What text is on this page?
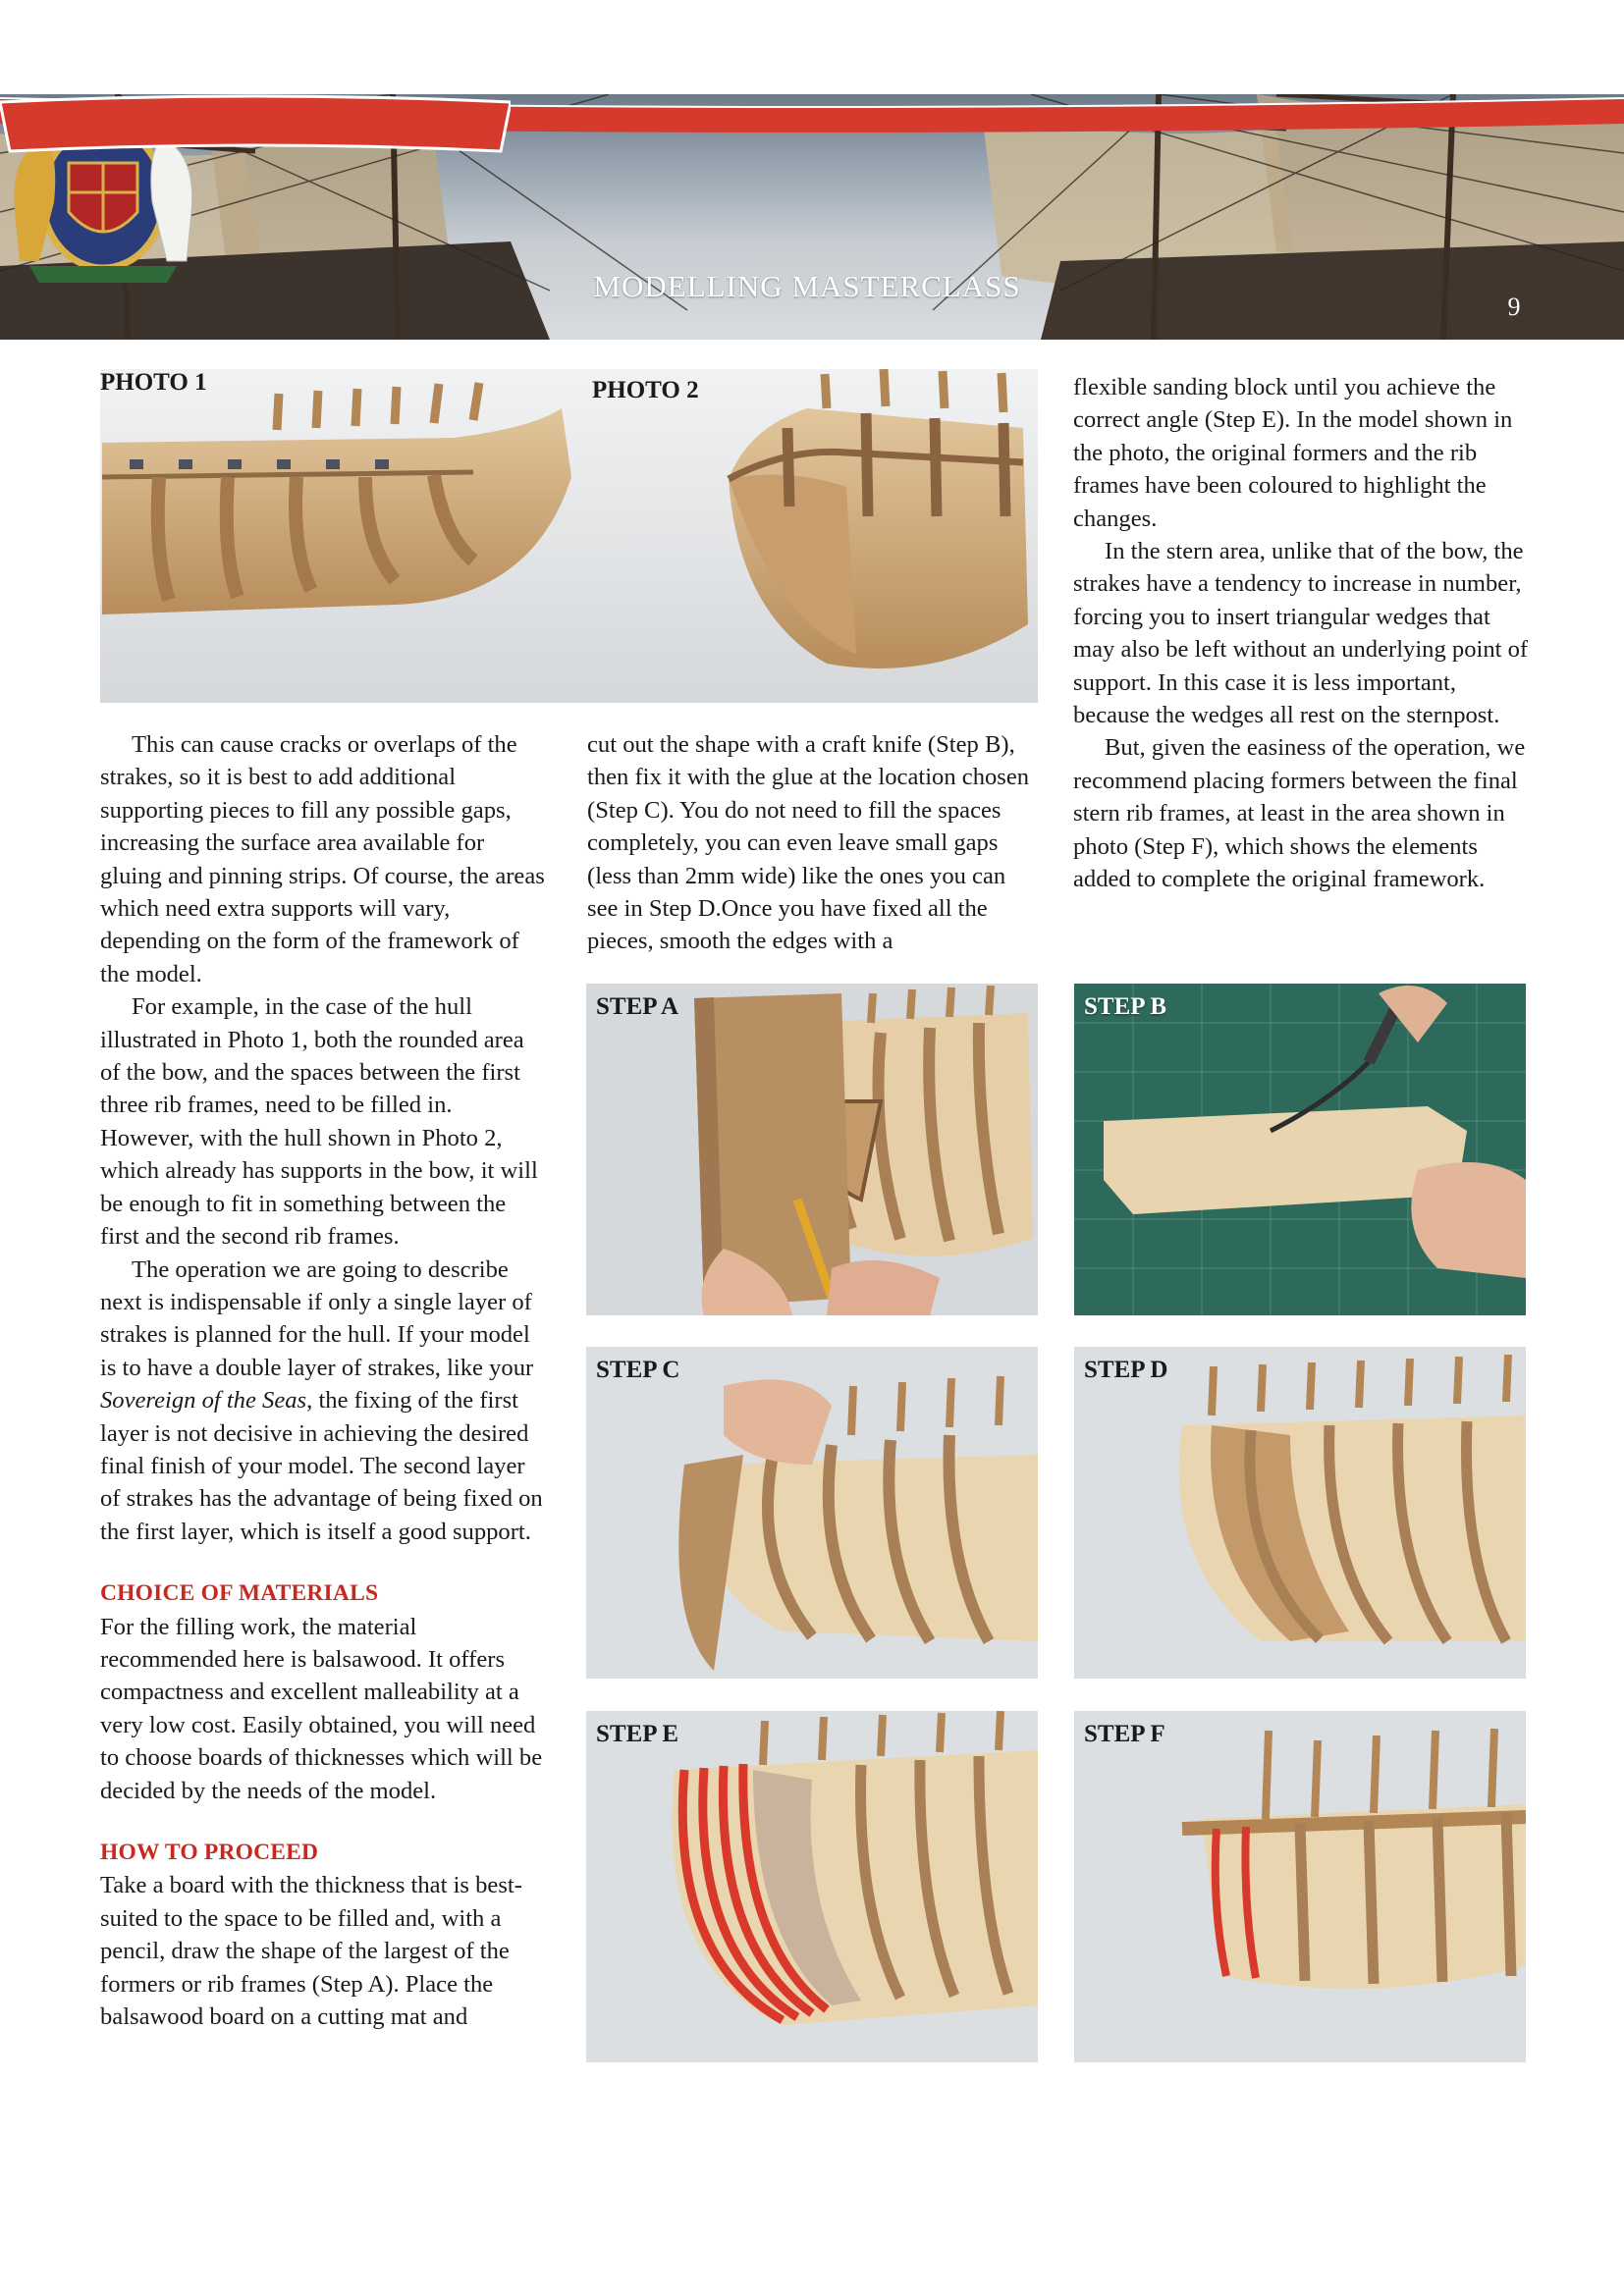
MODELLING MASTERCLASS
9
PHOTO 1	PHOTO 2	flexible sanding block until you achieve the correct angle (Step E). In the model shown in the photo, the original formers and the rib frames have been coloured to highlight the changes.

In the stern area, unlike that of the bow, the strakes have a tendency to increase in number, forcing you to insert triangular wedges that may also be left without an underlying point of support. In this case it is less important, because the wedges all rest on the sternpost.

But, given the easiness of the operation, we recommend placing formers between the final stern rib frames, at least in the area shown in photo (Step F), which shows the elements added to complete the original framework.

This can cause cracks or overlaps of the strakes, so it is best to add additional supporting pieces to fill any possible gaps, increasing the surface area available for gluing and pinning strips. Of course, the areas which need extra supports will vary, depending on the form of the framework of the model.

For example, in the case of the hull illustrated in Photo 1, both the rounded area of the bow, and the spaces between the first three rib frames, need to be filled in. However, with the hull shown in Photo 2, which already has supports in the bow, it will be enough to fit in something between the first and the second rib frames.

The operation we are going to describe next is indispensable if only a single layer of strakes is planned for the hull. If your model is to have a double layer of strakes, like your Sovereign of the Seas, the fixing of the first layer is not decisive in achieving the desired final finish of your model. The second layer of strakes has the advantage of being fixed on the first layer, which is itself a good support.

CHOICE OF MATERIALS

For the filling work, the material recommended here is balsawood. It offers compactness and excellent malleability at a very low cost. Easily obtained, you will need to choose boards of thicknesses which will be decided by the needs of the model.

HOW TO PROCEED

Take a board with the thickness that is best-suited to the space to be filled and, with a pencil, draw the shape of the largest of the formers or rib frames (Step A). Place the balsawood board on a cutting mat and

cut out the shape with a craft knife (Step B), then fix it with the glue at the location chosen (Step C). You do not need to fill the spaces completely, you can even leave small gaps (less than 2mm wide) like the ones you can see in Step D.Once you have fixed all the pieces, smooth the edges with a

STEP A	STEP B
STEP C	STEP D
STEP E	STEP F
